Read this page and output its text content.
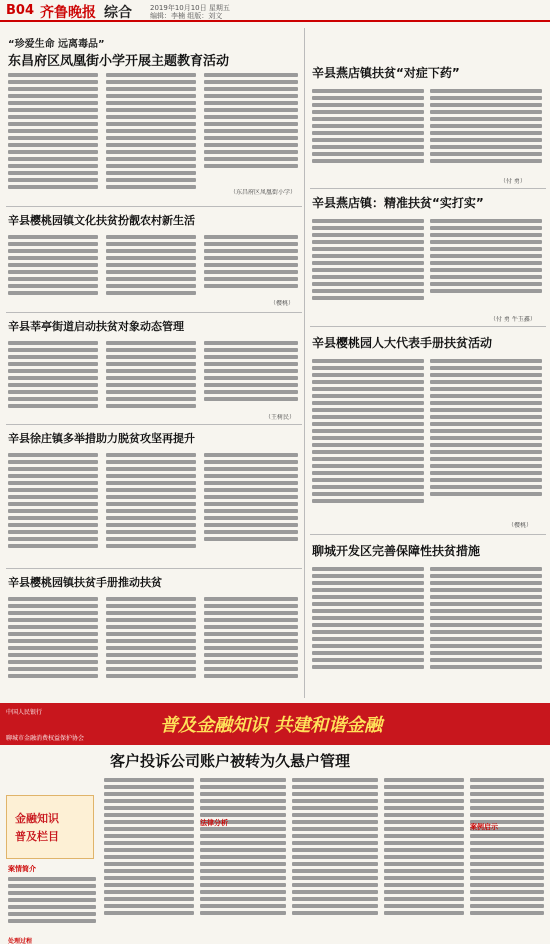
B04 齐鲁晚报 综合	2019年10月10日 星期五
编辑：李楠 组版：刘文
“珍爱生命 远离毒品”
东昌府区凤凰街小学开展主题教育活动
（东昌府区凤凰街小学）
辛县樱桃园镇文化扶贫扮靓农村新生活
（樱桃）
辛县莘亭街道启动扶贫对象动态管理
（王树民）
辛县徐庄镇多举措助力脱贫攻坚再提升
辛县樱桃园镇扶贫手册推动扶贫
辛县燕店镇扶贫“对症下药”
（付 勇）
辛县燕店镇：精准扶贫“实打实”
（付 勇 牛玉鑫）
辛县樱桃园人大代表手册扶贫活动
（樱桃）
聊城开发区完善保障性扶贫措施
中国人民银行
普及金融知识 共建和谐金融
聊城市金融消费权益保护协会
客户投诉公司账户被转为久悬户管理
金融知识
普及栏目
案情简介
法律分析	案例启示
处理过程
